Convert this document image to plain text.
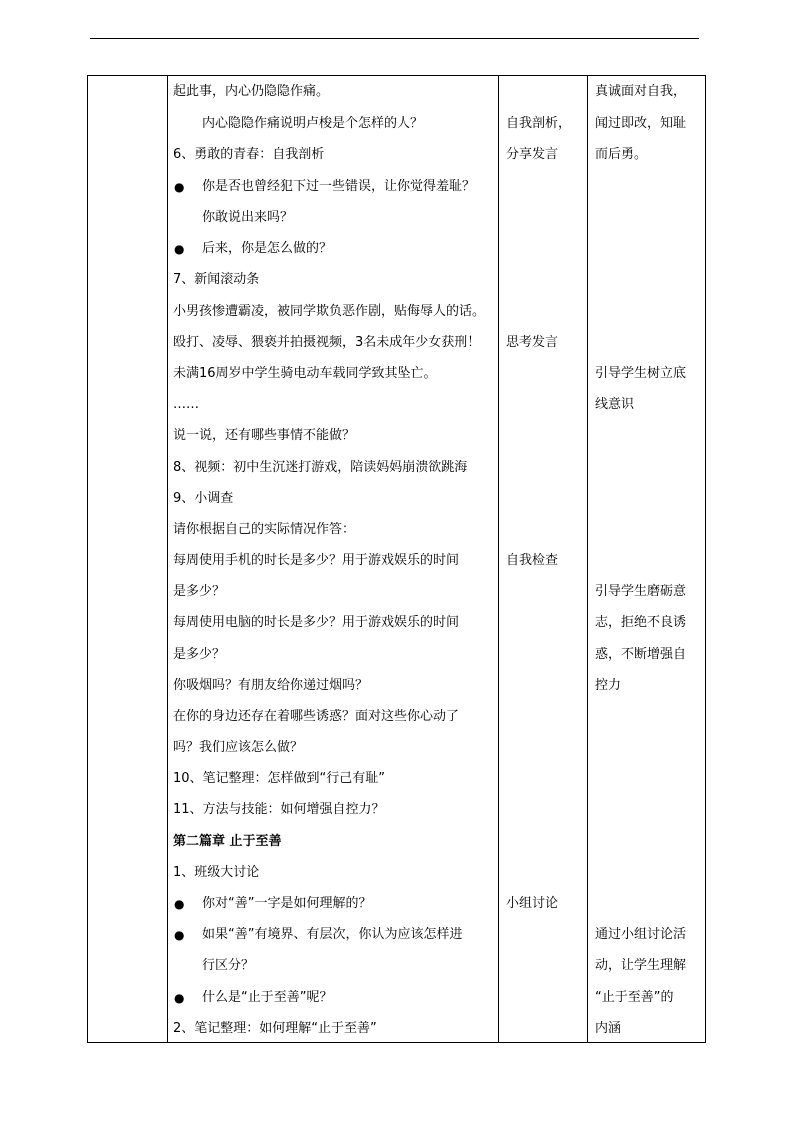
起此事，内心仍隐隐作痛。
内心隐隐作痛说明卢梭是个怎样的人？
6、勇敢的青春：自我剖析
● 你是否也曾经犯下过一些错误，让你觉得羞耻？
你敢说出来吗？
● 后来，你是怎么做的？
7、新闻滚动条
小男孩惨遭霸凌，被同学欺负恶作剧，贴侮辱人的话。
殴打、凌辱、猥亵并拍摄视频，3名未成年少女获刑！
未满16周岁中学生骑电动车载同学致其坠亡。
……
说一说，还有哪些事情不能做？
8、视频：初中生沉迷打游戏，陪读妈妈崩溃欲跳海
9、小调查
请你根据自己的实际情况作答：
每周使用手机的时长是多少？用于游戏娱乐的时间
是多少？
每周使用电脑的时长是多少？用于游戏娱乐的时间
是多少？
你吸烟吗？有朋友给你递过烟吗？
在你的身边还存在着哪些诱惑？面对这些你心动了
吗？我们应该怎么做？
10、笔记整理：怎样做到“行己有耻”
11、方法与技能：如何增强自控力？
第二篇章 止于至善
1、班级大讨论
● 你对“善”一字是如何理解的？
● 如果“善”有境界、有层次，你认为应该怎样进
行区分？
● 什么是“止于至善”呢？
2、笔记整理：如何理解“止于至善”
自我剖析，
分享发言
思考发言
自我检查
小组讨论
真诚面对自我，
闻过即改，知耻
而后勇。
引导学生树立底
线意识
引导学生磨砺意
志，拒绝不良诱
惑，不断增强自
控力
通过小组讨论活
动，让学生理解
“止于至善”的
内涵
